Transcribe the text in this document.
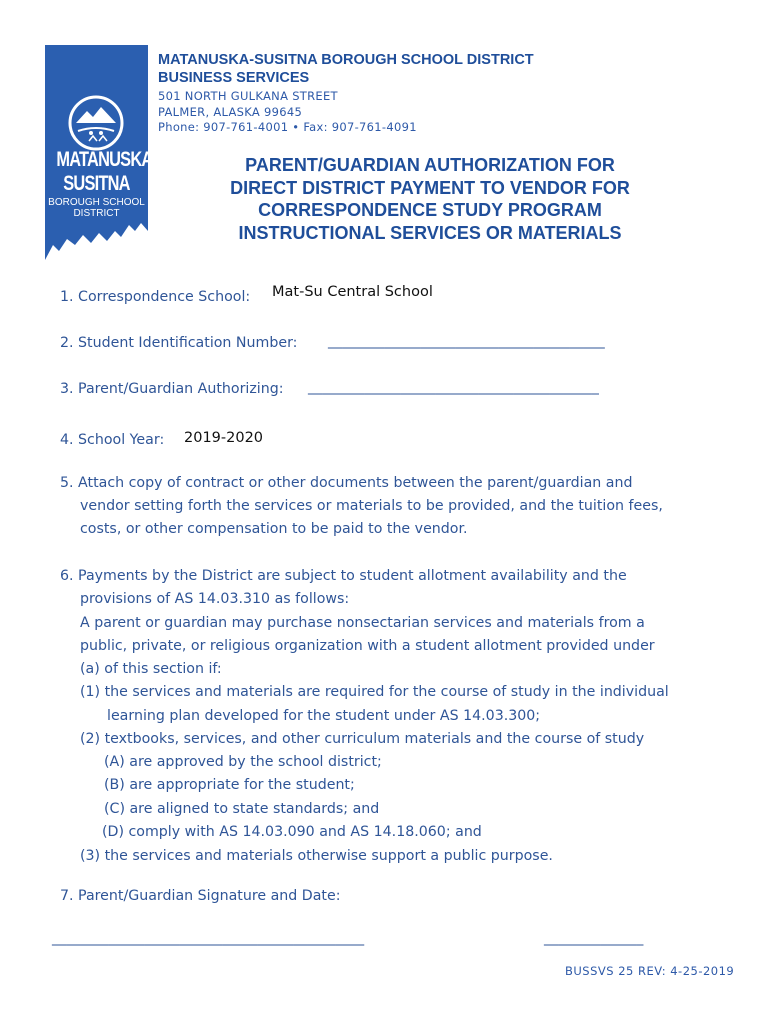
MATANUSKA
SUSITNA
BOROUGH SCHOOL
DISTRICT
MATANUSKA-SUSITNA BOROUGH SCHOOL DISTRICT
BUSINESS SERVICES
501 NORTH GULKANA STREET
PALMER, ALASKA 99645
Phone: 907-761-4001 • Fax: 907-761-4091
PARENT/GUARDIAN AUTHORIZATION FOR
DIRECT DISTRICT PAYMENT TO VENDOR FOR
CORRESPONDENCE STUDY PROGRAM
INSTRUCTIONAL SERVICES OR MATERIALS
1. Correspondence School: Mat-Su Central School
2. Student Identification Number: _______________________________________
3. Parent/Guardian Authorizing: _________________________________________
4. School Year: 2019-2020
5. Attach copy of contract or other documents between the parent/guardian and
vendor setting forth the services or materials to be provided, and the tuition fees,
costs, or other compensation to be paid to the vendor.
6. Payments by the District are subject to student allotment availability and the
provisions of AS 14.03.310 as follows:
A parent or guardian may purchase nonsectarian services and materials from a
public, private, or religious organization with a student allotment provided under
(a) of this section if:
(1) the services and materials are required for the course of study in the individual
learning plan developed for the student under AS 14.03.300;
(2) textbooks, services, and other curriculum materials and the course of study
(A) are approved by the school district;
(B) are appropriate for the student;
(C) are aligned to state standards; and
(D) comply with AS 14.03.090 and AS 14.18.060; and
(3) the services and materials otherwise support a public purpose.
7. Parent/Guardian Signature and Date:
____________________________________________	______________
BUSSVS 25 REV: 4-25-2019
